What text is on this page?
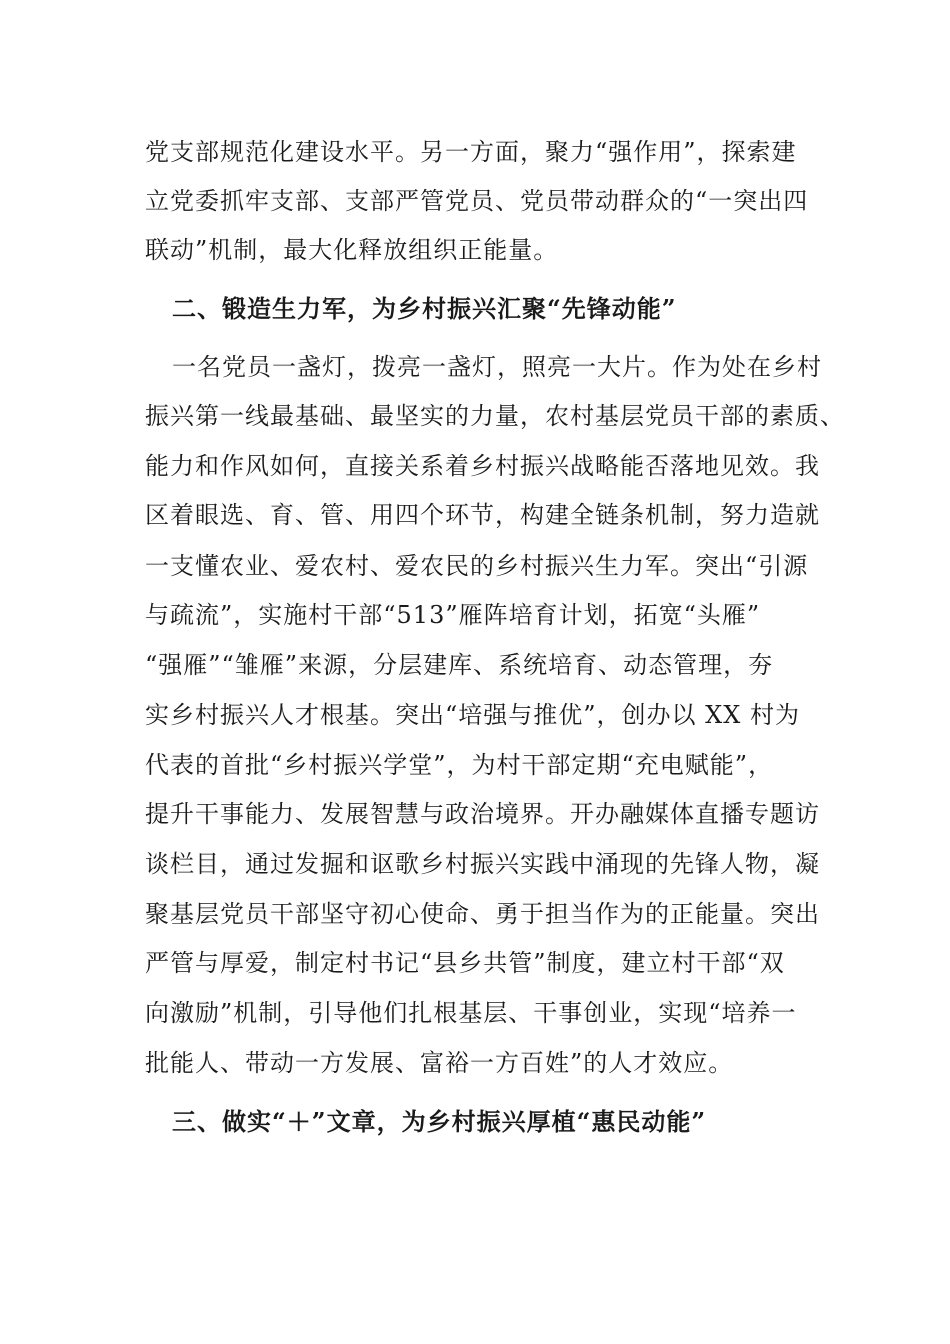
党支部规范化建设水平。另一方面，聚力“强作用”，探索建
立党委抓牢支部、支部严管党员、党员带动群众的“一突出四
联动”机制，最大化释放组织正能量。
二、锻造生力军，为乡村振兴汇聚“先锋动能”
一名党员一盏灯，拨亮一盏灯，照亮一大片。作为处在乡村
振兴第一线最基础、最坚实的力量，农村基层党员干部的素质、
能力和作风如何，直接关系着乡村振兴战略能否落地见效。我
区着眼选、育、管、用四个环节，构建全链条机制，努力造就
一支懂农业、爱农村、爱农民的乡村振兴生力军。突出“引源
与疏流”，实施村干部“513”雁阵培育计划，拓宽“头雁”
“强雁”“雏雁”来源，分层建库、系统培育、动态管理，夯
实乡村振兴人才根基。突出“培强与推优”，创办以 XX 村为
代表的首批“乡村振兴学堂”，为村干部定期“充电赋能”，
提升干事能力、发展智慧与政治境界。开办融媒体直播专题访
谈栏目，通过发掘和讴歌乡村振兴实践中涌现的先锋人物，凝
聚基层党员干部坚守初心使命、勇于担当作为的正能量。突出
严管与厚爱，制定村书记“县乡共管”制度，建立村干部“双
向激励”机制，引导他们扎根基层、干事创业，实现“培养一
批能人、带动一方发展、富裕一方百姓”的人才效应。
三、做实“＋”文章，为乡村振兴厚植“惠民动能”
